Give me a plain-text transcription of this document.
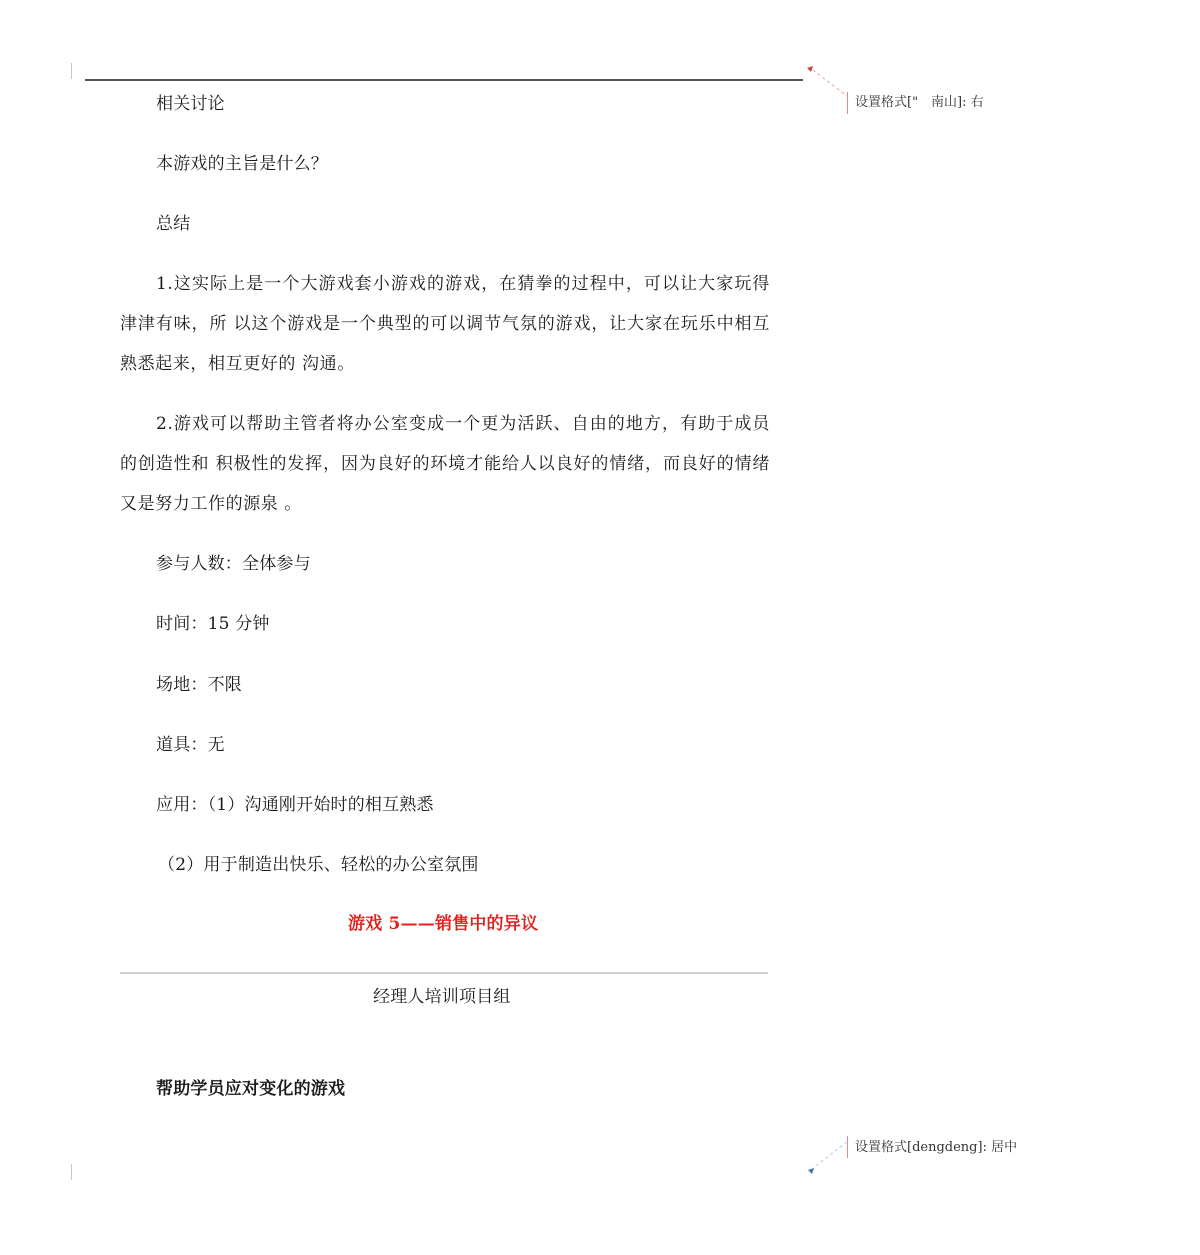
设置格式["　南山]: 右
相关讨论
本游戏的主旨是什么？
总结
1.这实际上是一个大游戏套小游戏的游戏，在猜拳的过程中，可以让大家玩得津津有味，所 以这个游戏是一个典型的可以调节气氛的游戏，让大家在玩乐中相互熟悉起来，相互更好的 沟通。
2.游戏可以帮助主管者将办公室变成一个更为活跃、自由的地方，有助于成员的创造性和 积极性的发挥，因为良好的环境才能给人以良好的情绪，而良好的情绪又是努力工作的源泉 。
参与人数：全体参与
时间：15 分钟
场地：不限
道具：无
应用：（1）沟通刚开始时的相互熟悉
（2）用于制造出快乐、轻松的办公室氛围
游戏 5——销售中的异议
经理人培训项目组
帮助学员应对变化的游戏
设置格式[dengdeng]: 居中
